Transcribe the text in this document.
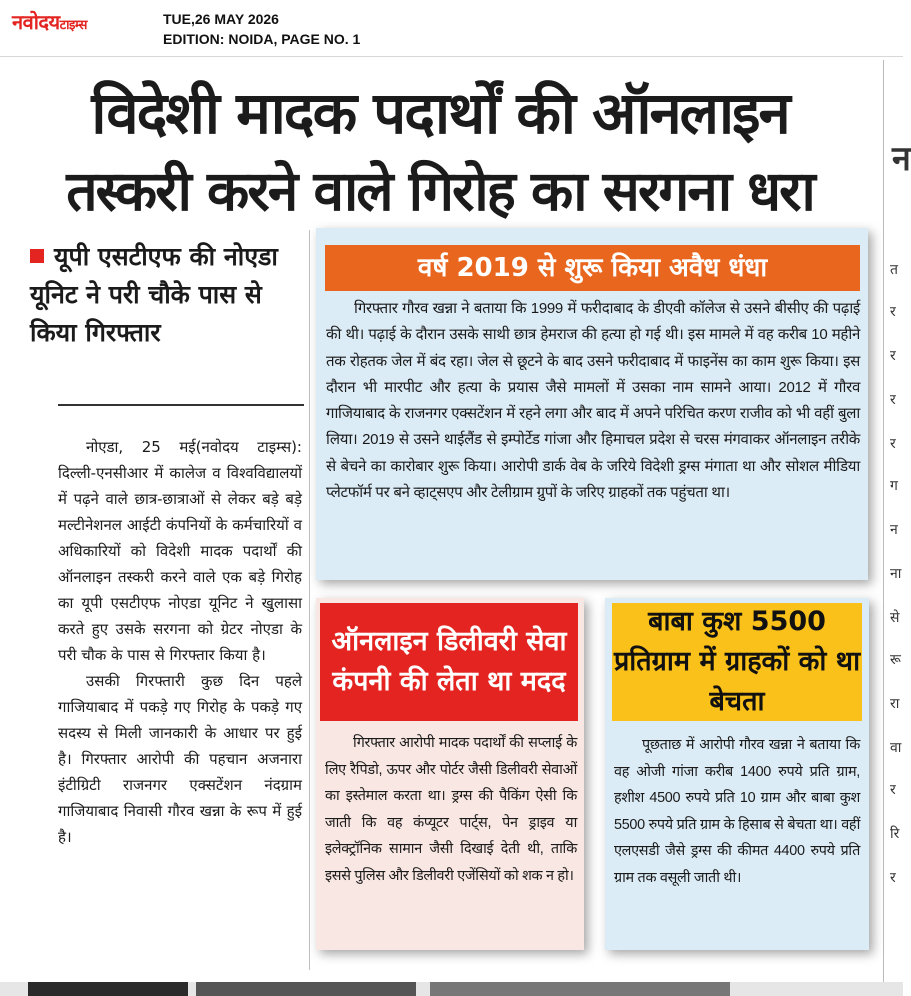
नवोदयटाइम्स	TUE,26 MAY 2026
EDITION: NOIDA, PAGE NO. 1
विदेशी मादक पदार्थों की ऑनलाइन

तस्करी करने वाले गिरोह का सरगना धरा
यूपी एसटीएफ की नोएडा यूनिट ने परी चौके पास से किया गिरफ्तार

नोएडा, 25 मई(नवोदय टाइम्स): दिल्ली-एनसीआर में कालेज व विश्वविद्यालयों में पढ़ने वाले छात्र-छात्राओं से लेकर बड़े बड़े मल्टीनेशनल आईटी कंपनियों के कर्मचारियों व अधिकारियों को विदेशी मादक पदार्थों की ऑनलाइन तस्करी करने वाले एक बड़े गिरोह का यूपी एसटीएफ नोएडा यूनिट ने खुलासा करते हुए उसके सरगना को ग्रेटर नोएडा के परी चौक के पास से गिरफ्तार किया है।

उसकी गिरफ्तारी कुछ दिन पहले गाजियाबाद में पकड़े गए गिरोह के पकड़े गए सदस्य से मिली जानकारी के आधार पर हुई है। गिरफ्तार आरोपी की पहचान अजनारा इंटीग्रिटी राजनगर एक्सटेंशन नंदग्राम गाजियाबाद निवासी गौरव खन्ना के रूप में हुई है।

वर्ष 2019 से शुरू किया अवैध धंधा

गिरफ्तार गौरव खन्ना ने बताया कि 1999 में फरीदाबाद के डीएवी कॉलेज से उसने बीसीए की पढ़ाई की थी। पढ़ाई के दौरान उसके साथी छात्र हेमराज की हत्या हो गई थी। इस मामले में वह करीब 10 महीने तक रोहतक जेल में बंद रहा। जेल से छूटने के बाद उसने फरीदाबाद में फाइनेंस का काम शुरू किया। इस दौरान भी मारपीट और हत्या के प्रयास जैसे मामलों में उसका नाम सामने आया। 2012 में गौरव गाजियाबाद के राजनगर एक्सटेंशन में रहने लगा और बाद में अपने परिचित करण राजीव को भी वहीं बुला लिया। 2019 से उसने थाईलैंड से इम्पोर्टेड गांजा और हिमाचल प्रदेश से चरस मंगवाकर ऑनलाइन तरीके से बेचने का कारोबार शुरू किया। आरोपी डार्क वेब के जरिये विदेशी ड्रग्स मंगाता था और सोशल मीडिया प्लेटफॉर्म पर बने व्हाट्सएप और टेलीग्राम ग्रुपों के जरिए ग्राहकों तक पहुंचता था।

ऑनलाइन डिलीवरी सेवा कंपनी की लेता था मदद

गिरफ्तार आरोपी मादक पदार्थों की सप्लाई के लिए रैपिडो, ऊपर और पोर्टर जैसी डिलीवरी सेवाओं का इस्तेमाल करता था। ड्रग्स की पैकिंग ऐसी कि जाती कि वह कंप्यूटर पार्ट्स, पेन ड्राइव या इलेक्ट्रॉनिक सामान जैसी दिखाई देती थी, ताकि इससे पुलिस और डिलीवरी एजेंसियों को शक न हो।

बाबा कुश 5500 प्रतिग्राम में ग्राहकों को था बेचता

पूछताछ में आरोपी गौरव खन्ना ने बताया कि वह ओजी गांजा करीब 1400 रुपये प्रति ग्राम, हशीश 4500 रुपये प्रति 10 ग्राम और बाबा कुश 5500 रुपये प्रति ग्राम के हिसाब से बेचता था। वहीं एलएसडी जैसे ड्रग्स की कीमत 4400 रुपये प्रति ग्राम तक वसूली जाती थी।

न
त
र
र
र
र
ग
न
ना
से
रू
रा
वा
र
रि
र
